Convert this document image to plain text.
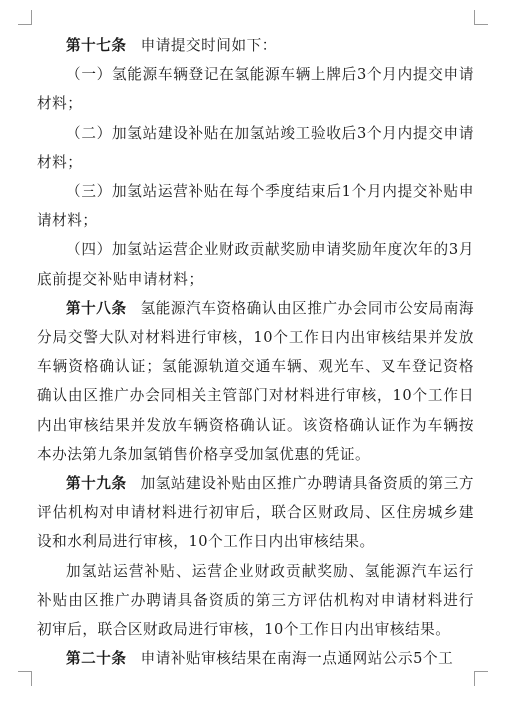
第十七条 申请提交时间如下：

（一）氢能源车辆登记在氢能源车辆上牌后3个月内提交申请材料；

（二）加氢站建设补贴在加氢站竣工验收后3个月内提交申请材料；

（三）加氢站运营补贴在每个季度结束后1个月内提交补贴申请材料；

（四）加氢站运营企业财政贡献奖励申请奖励年度次年的3月底前提交补贴申请材料；

第十八条 氢能源汽车资格确认由区推广办会同市公安局南海分局交警大队对材料进行审核，10个工作日内出审核结果并发放车辆资格确认证；氢能源轨道交通车辆、观光车、叉车登记资格确认由区推广办会同相关主管部门对材料进行审核，10个工作日内出审核结果并发放车辆资格确认证。该资格确认证作为车辆按本办法第九条加氢销售价格享受加氢优惠的凭证。

第十九条 加氢站建设补贴由区推广办聘请具备资质的第三方评估机构对申请材料进行初审后，联合区财政局、区住房城乡建设和水利局进行审核，10个工作日内出审核结果。

加氢站运营补贴、运营企业财政贡献奖励、氢能源汽车运行补贴由区推广办聘请具备资质的第三方评估机构对申请材料进行初审后，联合区财政局进行审核，10个工作日内出审核结果。

第二十条 申请补贴审核结果在南海一点通网站公示5个工
